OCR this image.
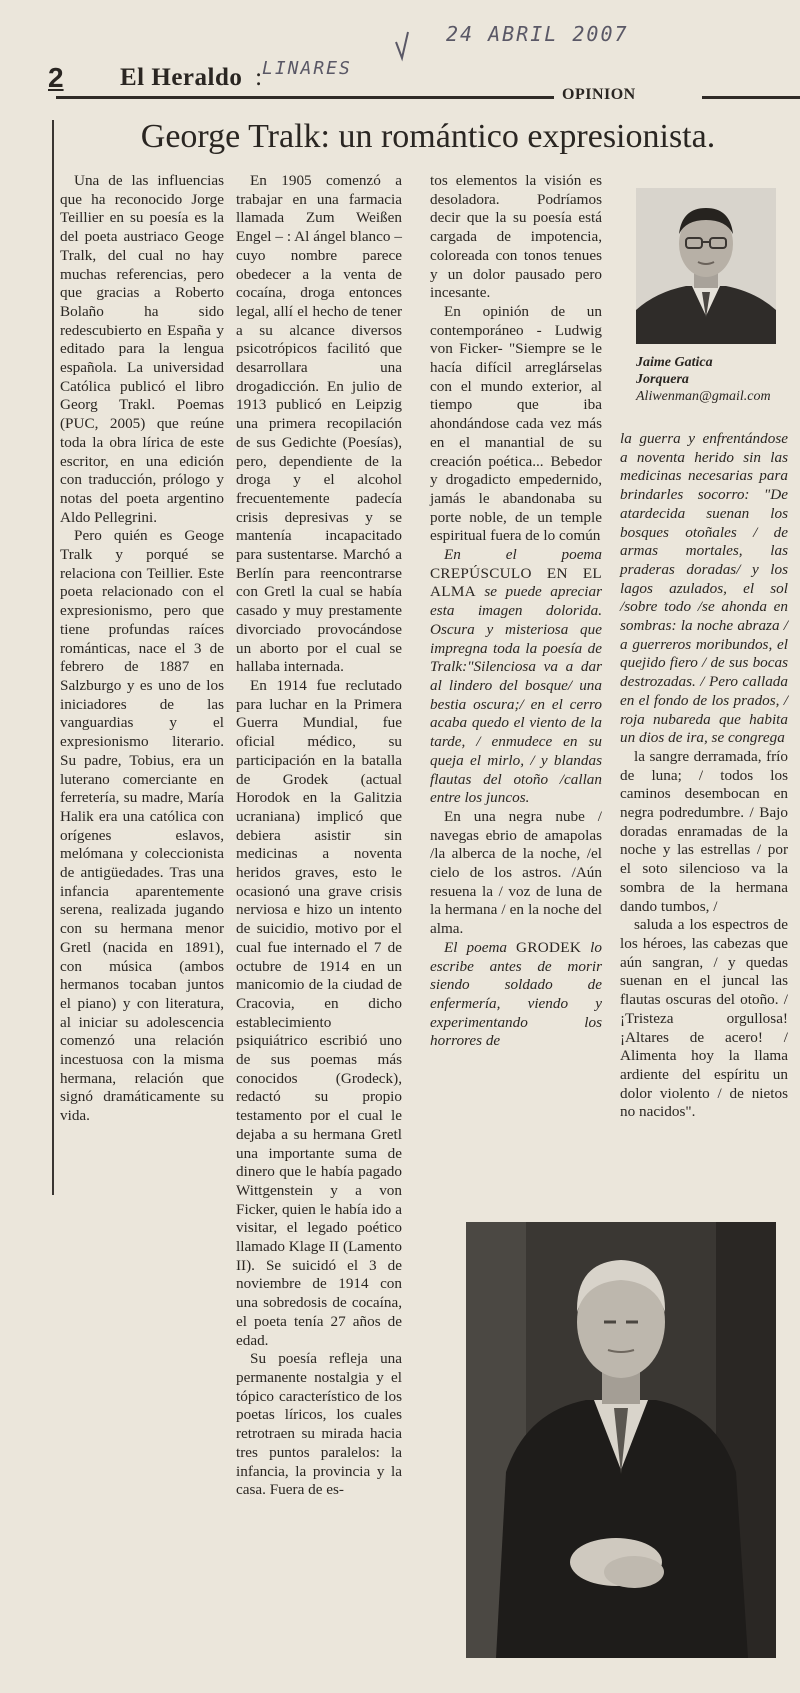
24 ABRIL 2007
LINARES
2 El Heraldo :
OPINION
George Tralk: un romántico expresionista.

Una de las influencias que ha reconocido Jorge Teillier en su poesía es la del poeta austriaco Geoge Tralk, del cual no hay muchas referencias, pero que gracias a Roberto Bolaño ha sido redescubierto en España y editado para la lengua española. La universidad Católica publicó el libro Georg Trakl. Poemas (PUC, 2005) que reúne toda la obra lírica de este escritor, en una edición con traducción, prólogo y notas del poeta argentino Aldo Pellegrini.

Pero quién es Geoge Tralk y porqué se relaciona con Teillier. Este poeta relacionado con el expresionismo, pero que tiene profundas raíces románticas, nace el 3 de febrero de 1887 en Salzburgo y es uno de los iniciadores de las vanguardias y el expresionismo literario. Su padre, Tobius, era un luterano comerciante en ferretería, su madre, María Halik era una católica con orígenes eslavos, melómana y coleccionista de antigüedades. Tras una infancia aparentemente serena, realizada jugando con su hermana menor Gretl (nacida en 1891), con música (ambos hermanos tocaban juntos el piano) y con literatura, al iniciar su adolescencia comenzó una relación incestuosa con la misma hermana, relación que signó dramáticamente su vida.

En 1905 comenzó a trabajar en una farmacia llamada Zum Weißen Engel – : Al ángel blanco – cuyo nombre parece obedecer a la venta de cocaína, droga entonces legal, allí el hecho de tener a su alcance diversos psicotrópicos facilitó que desarrollara una drogadicción. En julio de 1913 publicó en Leipzig una primera recopilación de sus Gedichte (Poesías), pero, dependiente de la droga y el alcohol frecuentemente padecía crisis depresivas y se mantenía incapacitado para sustentarse. Marchó a Berlín para reencontrarse con Gretl la cual se había casado y muy prestamente divorciado provocándose un aborto por el cual se hallaba internada.

En 1914 fue reclutado para luchar en la Primera Guerra Mundial, fue oficial médico, su participación en la batalla de Grodek (actual Horodok en la Galitzia ucraniana) implicó que debiera asistir sin medicinas a noventa heridos graves, esto le ocasionó una grave crisis nerviosa e hizo un intento de suicidio, motivo por el cual fue internado el 7 de octubre de 1914 en un manicomio de la ciudad de Cracovia, en dicho establecimiento psiquiátrico escribió uno de sus poemas más conocidos (Grodeck), redactó su propio testamento por el cual le dejaba a su hermana Gretl una importante suma de dinero que le había pagado Wittgenstein y a von Ficker, quien le había ido a visitar, el legado poético llamado Klage II (Lamento II). Se suicidó el 3 de noviembre de 1914 con una sobredosis de cocaína, el poeta tenía 27 años de edad.

Su poesía refleja una permanente nostalgia y el tópico característico de los poetas líricos, los cuales retrotraen su mirada hacia tres puntos paralelos: la infancia, la provincia y la casa. Fuera de es-

tos elementos la visión es desoladora. Podríamos decir que la su poesía está cargada de impotencia, coloreada con tonos tenues y un dolor pausado pero incesante.

En opinión de un contemporáneo - Ludwig von Ficker- "Siempre se le hacía difícil arreglárselas con el mundo exterior, al tiempo que iba ahondándose cada vez más en el manantial de su creación poética... Bebedor y drogadicto empedernido, jamás le abandonaba su porte noble, de un temple espiritual fuera de lo común

En el poema CREPÚSCULO EN EL ALMA se puede apreciar esta imagen dolorida. Oscura y misteriosa que impregna toda la poesía de Tralk:"Silenciosa va a dar al lindero del bosque/ una bestia oscura;/ en el cerro acaba quedo el viento de la tarde, / enmudece en su queja el mirlo, / y blandas flautas del otoño /callan entre los juncos.

En una negra nube / navegas ebrio de amapolas /la alberca de la noche, /el cielo de los astros. /Aún resuena la / voz de luna de la hermana / en la noche del alma.

El poema GRODEK lo escribe antes de morir siendo soldado de enfermería, viendo y experimentando los horrores de

Jaime Gatica
Jorquera
Aliwenman@gmail.com

la guerra y enfrentándose a noventa herido sin las medicinas necesarias para brindarles socorro: "De atardecida suenan los bosques otoñales / de armas mortales, las praderas doradas/ y los lagos azulados, el sol /sobre todo /se ahonda en sombras: la noche abraza / a guerreros moribundos, el quejido fiero / de sus bocas destrozadas. / Pero callada en el fondo de los prados, / roja nubareda que habita un dios de ira, se congrega

la sangre derramada, frío de luna; / todos los caminos desembocan en negra podredumbre. / Bajo doradas enramadas de la noche y las estrellas / por el soto silencioso va la sombra de la hermana dando tumbos, /

saluda a los espectros de los héroes, las cabezas que aún sangran, / y quedas suenan en el juncal las flautas oscuras del otoño. / ¡Tristeza orgullosa! ¡Altares de acero! / Alimenta hoy la llama ardiente del espíritu un dolor violento / de nietos no nacidos".
